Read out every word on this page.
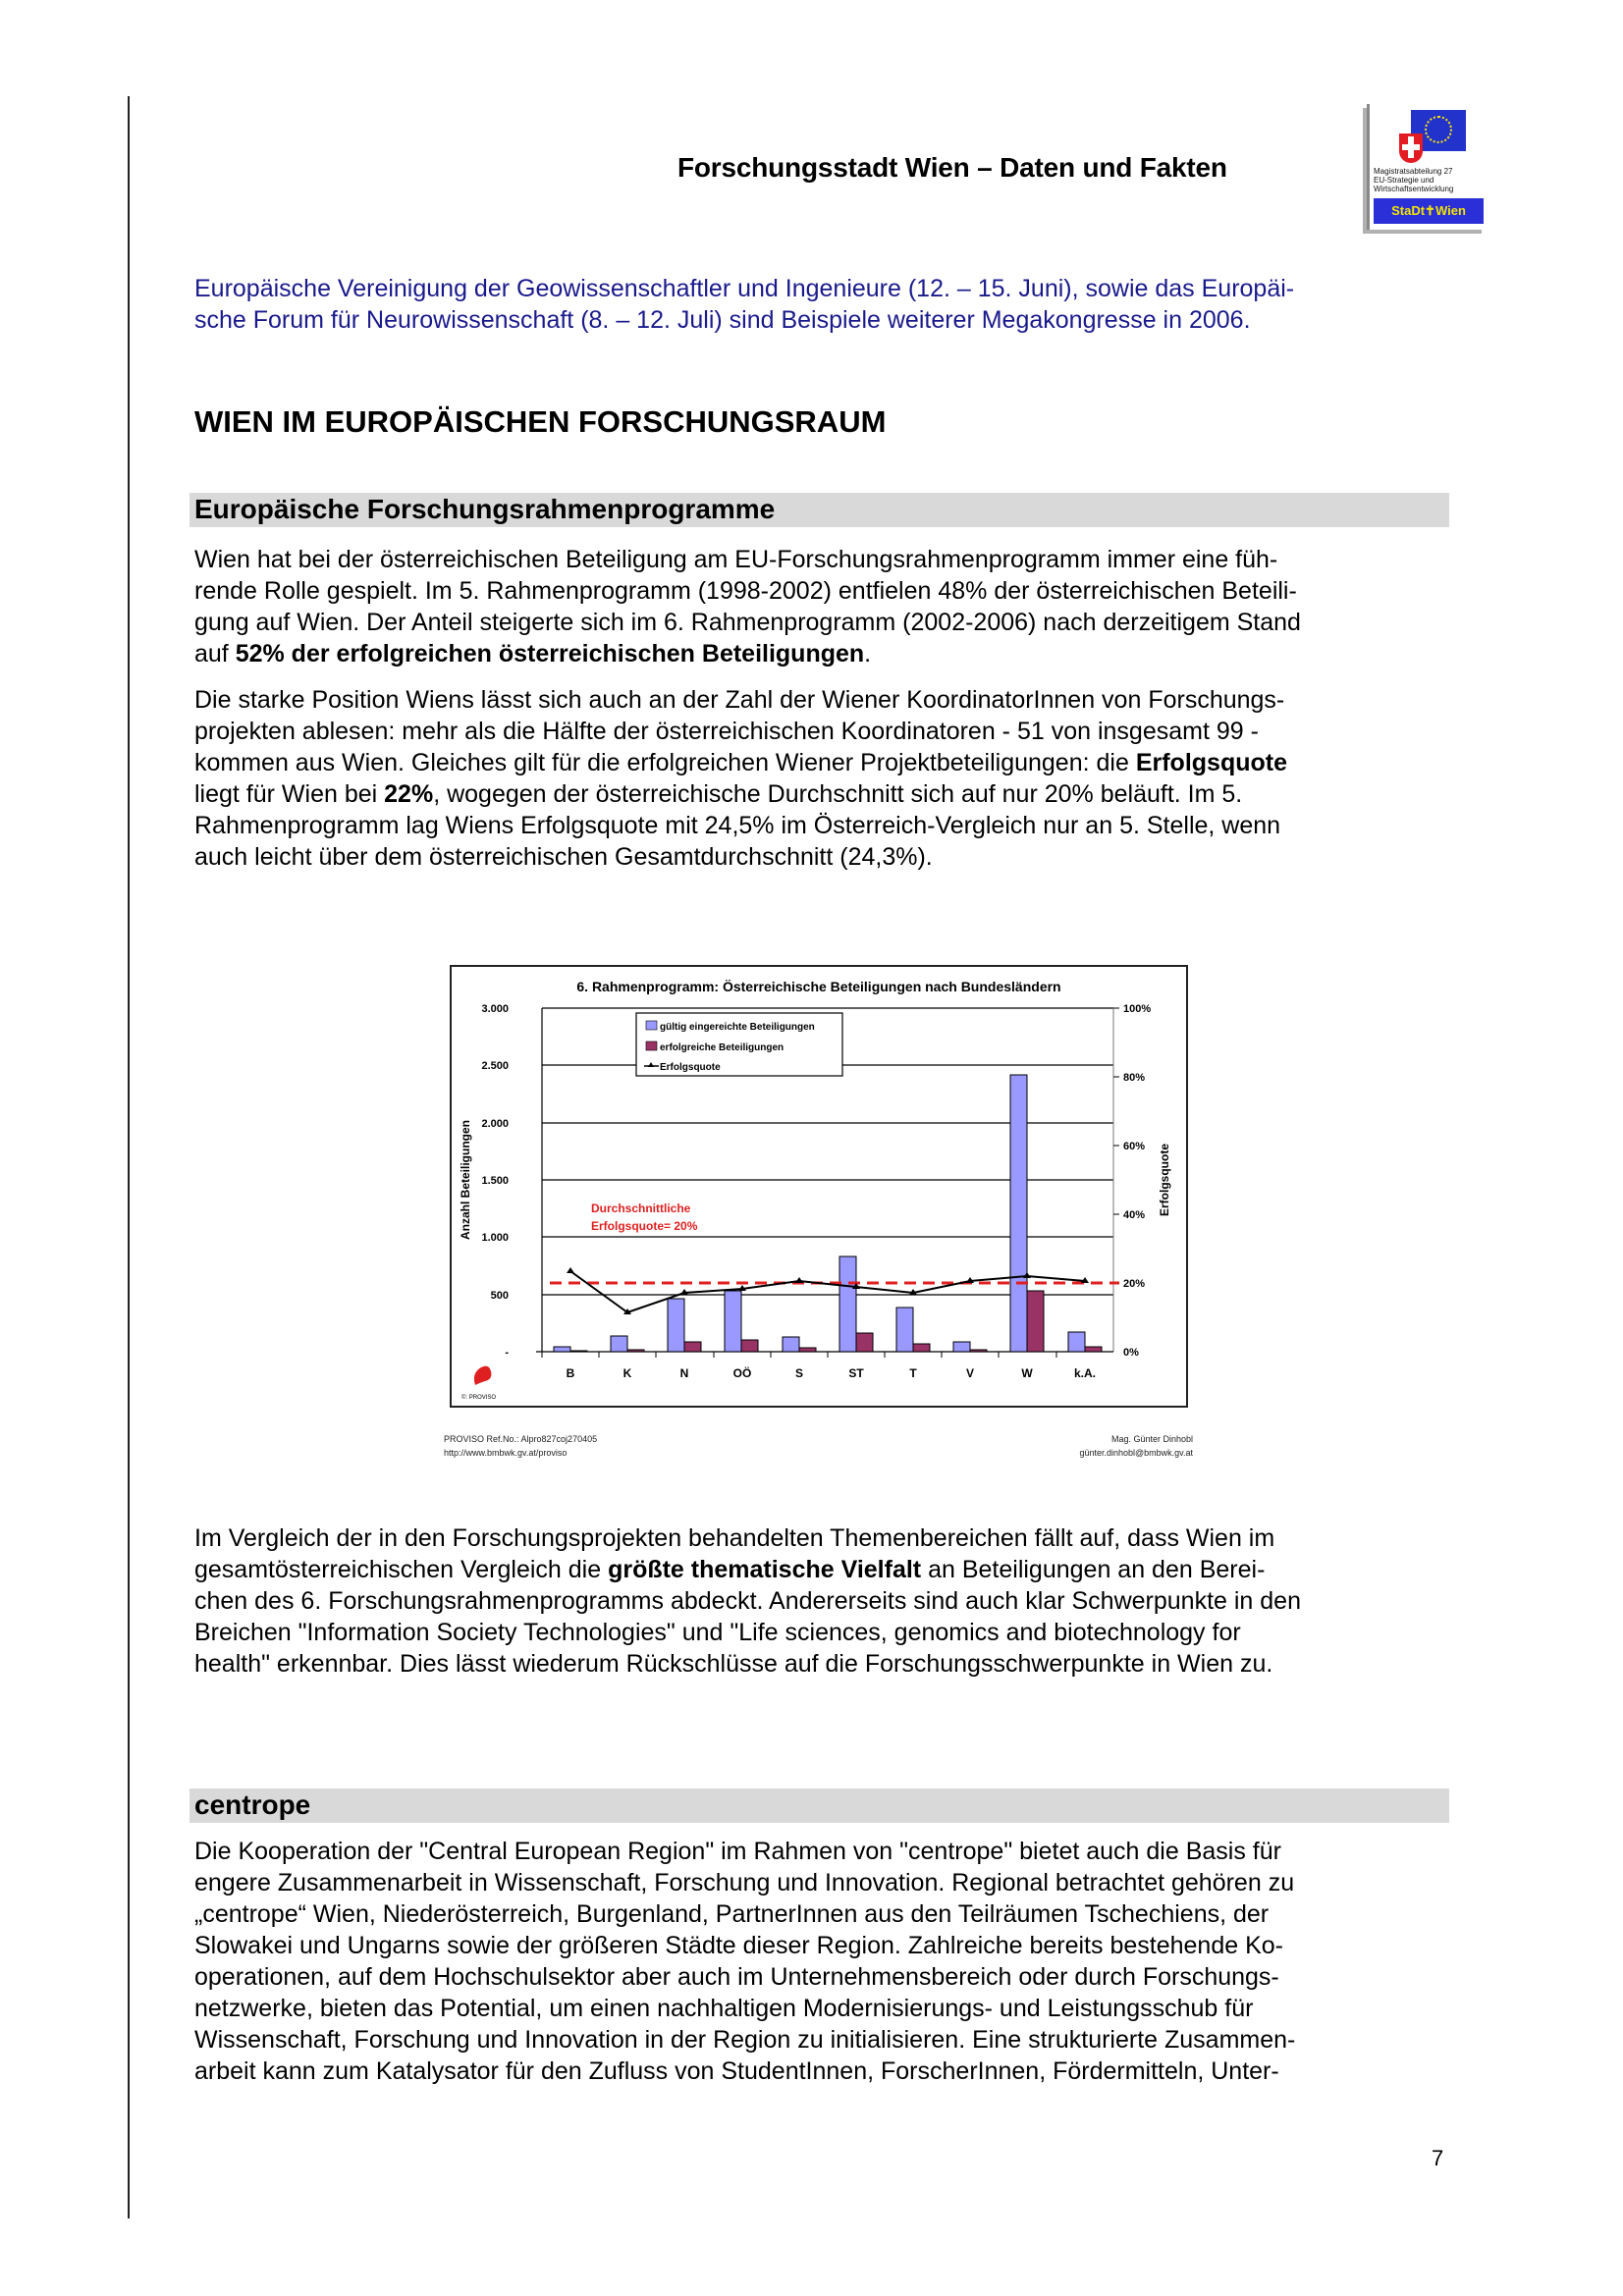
Forschungsstadt Wien – Daten und Fakten	Magistratsabteilung 27
EU-Strategie und
Wirtschaftsentwicklung
StaDt✝Wien
Europäische Vereinigung der Geowissenschaftler und Ingenieure (12. – 15. Juni), sowie das Europäi-
sche Forum für Neurowissenschaft (8. – 12. Juli) sind Beispiele weiterer Megakongresse in 2006.
WIEN IM EUROPÄISCHEN FORSCHUNGSRAUM
Europäische Forschungsrahmenprogramme
Wien hat bei der österreichischen Beteiligung am EU-Forschungsrahmenprogramm immer eine füh-
rende Rolle gespielt. Im 5. Rahmenprogramm (1998-2002) entfielen 48% der österreichischen Beteili-
gung auf Wien. Der Anteil steigerte sich im 6. Rahmenprogramm (2002-2006) nach derzeitigem Stand
auf 52% der erfolgreichen österreichischen Beteiligungen.
Die starke Position Wiens lässt sich auch an der Zahl der Wiener KoordinatorInnen von Forschungs-
projekten ablesen: mehr als die Hälfte der österreichischen Koordinatoren - 51 von insgesamt 99 -
kommen aus Wien. Gleiches gilt für die erfolgreichen Wiener Projektbeteiligungen: die Erfolgsquote
liegt für Wien bei 22%, wogegen der österreichische Durchschnitt sich auf nur 20% beläuft. Im 5.
Rahmenprogramm lag Wiens Erfolgsquote mit 24,5% im Österreich-Vergleich nur an 5. Stelle, wenn
auch leicht über dem österreichischen Gesamtdurchschnitt (24,3%).
6. Rahmenprogramm: Österreichische Beteiligungen nach Bundesländern
-
500
1.000
1.500
2.000
2.500
3.000
0%
20%
40%
60%
80%
100%
Anzahl Beteiligungen	Erfolgsquote
B	K	N	OÖ	S	ST	T	V	W	k.A.
Durchschnittliche
Erfolgsquote= 20%
gültig eingereichte Beteiligungen
erfolgreiche Beteiligungen
Erfolgsquote
©: PROVISO
PROVISO Ref.No.: Alpro827coj270405
http://www.bmbwk.gv.at/proviso
Mag. Günter Dinhobl
günter.dinhobl@bmbwk.gv.at
Im Vergleich der in den Forschungsprojekten behandelten Themenbereichen fällt auf, dass Wien im
gesamtösterreichischen Vergleich die größte thematische Vielfalt an Beteiligungen an den Berei-
chen des 6. Forschungsrahmenprogramms abdeckt. Andererseits sind auch klar Schwerpunkte in den
Breichen "Information Society Technologies" und "Life sciences, genomics and biotechnology for
health" erkennbar. Dies lässt wiederum Rückschlüsse auf die Forschungsschwerpunkte in Wien zu.
centrope
Die Kooperation der "Central European Region" im Rahmen von "centrope" bietet auch die Basis für
engere Zusammenarbeit in Wissenschaft, Forschung und Innovation. Regional betrachtet gehören zu
„centrope“ Wien, Niederösterreich, Burgenland, PartnerInnen aus den Teilräumen Tschechiens, der
Slowakei und Ungarns sowie der größeren Städte dieser Region. Zahlreiche bereits bestehende Ko-
operationen, auf dem Hochschulsektor aber auch im Unternehmensbereich oder durch Forschungs-
netzwerke, bieten das Potential, um einen nachhaltigen Modernisierungs- und Leistungsschub für
Wissenschaft, Forschung und Innovation in der Region zu initialisieren. Eine strukturierte Zusammen-
arbeit kann zum Katalysator für den Zufluss von StudentInnen, ForscherInnen, Fördermitteln, Unter-
7
